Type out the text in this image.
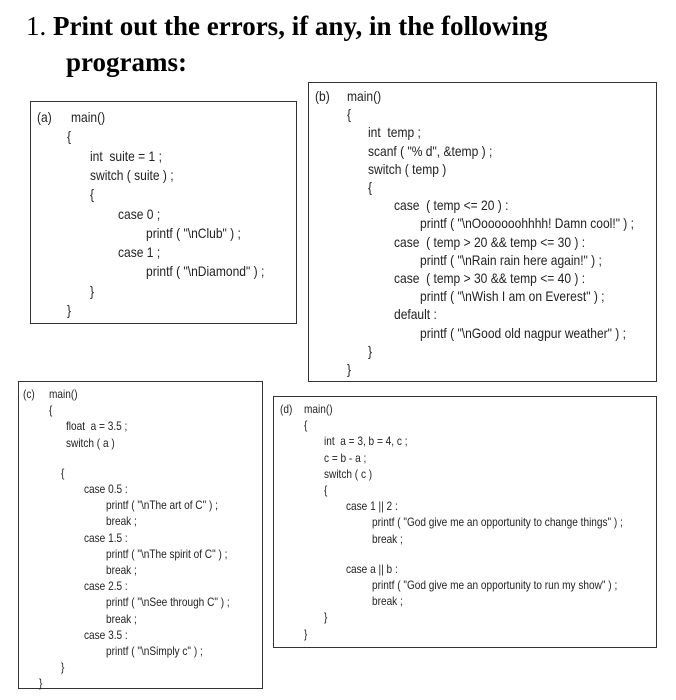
1. Print out the errors, if any, in the following
programs:
(a) main()
{
int  suite = 1 ;
switch ( suite ) ;
{
case 0 ;
printf ( "\nClub" ) ;
case 1 ;
printf ( "\nDiamond" ) ;
}
}
(b) main()
{
int  temp ;
scanf ( "% d", &temp ) ;
switch ( temp )
{
case  ( temp <= 20 ) :
printf ( "\nOoooooohhhh! Damn cool!" ) ;
case  ( temp > 20 && temp <= 30 ) :
printf ( "\nRain rain here again!" ) ;
case  ( temp > 30 && temp <= 40 ) :
printf ( "\nWish I am on Everest" ) ;
default :
printf ( "\nGood old nagpur weather" ) ;
}
}
(c) main()
{
float  a = 3.5 ;
switch ( a )
{
case 0.5 :
printf ( "\nThe art of C" ) ;
break ;
case 1.5 :
printf ( "\nThe spirit of C" ) ;
break ;
case 2.5 :
printf ( "\nSee through C" ) ;
break ;
case 3.5 :
printf ( "\nSimply c" ) ;
}
}
(d) main()
{
int  a = 3, b = 4, c ;
c = b - a ;
switch ( c )
{
case 1 || 2 :
printf ( "God give me an opportunity to change things" ) ;
break ;
case a || b :
printf ( "God give me an opportunity to run my show" ) ;
break ;
}
}
